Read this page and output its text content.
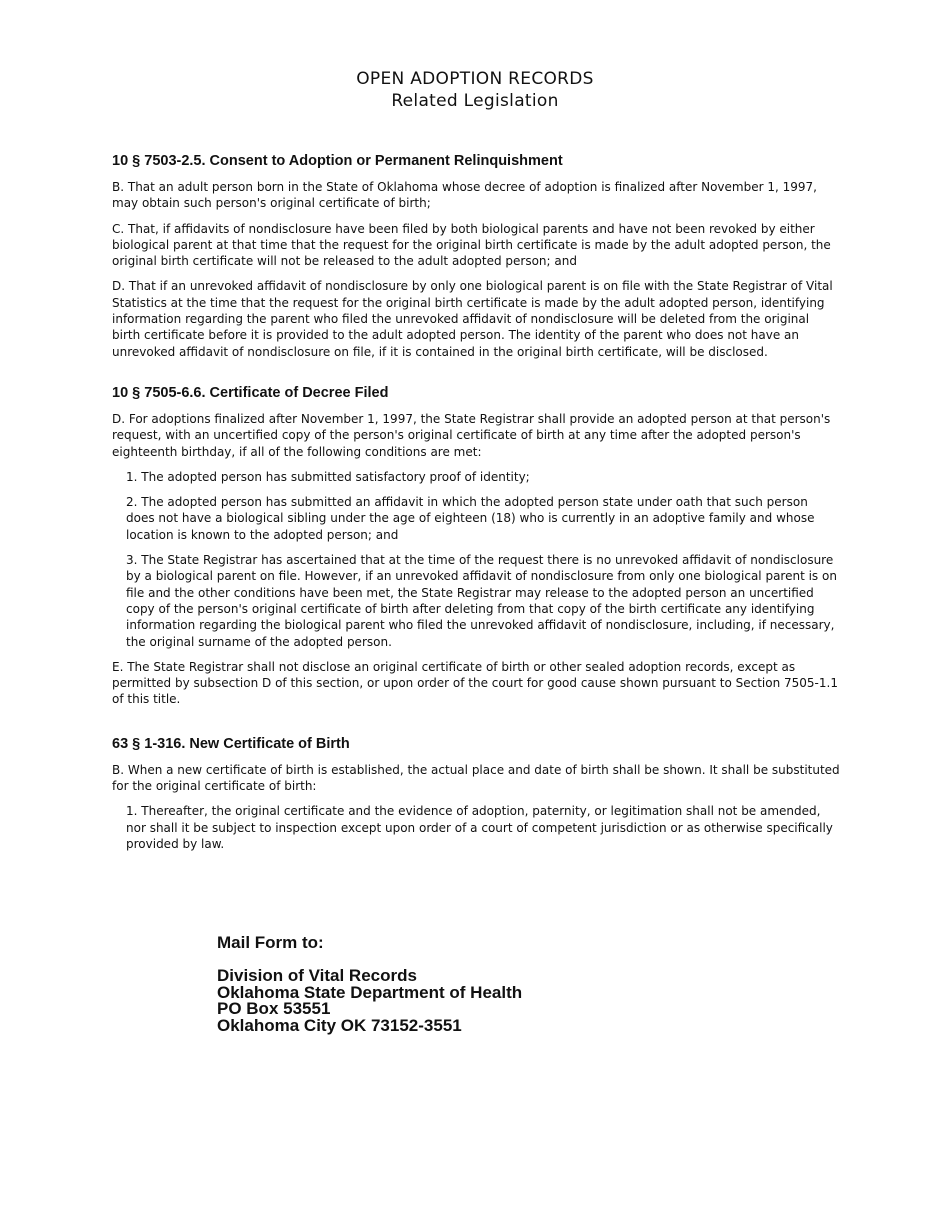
OPEN ADOPTION RECORDS
Related Legislation
10 § 7503-2.5. Consent to Adoption or Permanent Relinquishment

B. That an adult person born in the State of Oklahoma whose decree of adoption is finalized after November 1, 1997, may obtain such person's original certificate of birth;

C. That, if affidavits of nondisclosure have been filed by both biological parents and have not been revoked by either biological parent at that time that the request for the original birth certificate is made by the adult adopted person, the original birth certificate will not be released to the adult adopted person; and

D. That if an unrevoked affidavit of nondisclosure by only one biological parent is on file with the State Registrar of Vital Statistics at the time that the request for the original birth certificate is made by the adult adopted person, identifying information regarding the parent who filed the unrevoked affidavit of nondisclosure will be deleted from the original birth certificate before it is provided to the adult adopted person. The identity of the parent who does not have an unrevoked affidavit of nondisclosure on file, if it is contained in the original birth certificate, will be disclosed.

10 § 7505-6.6. Certificate of Decree Filed

D. For adoptions finalized after November 1, 1997, the State Registrar shall provide an adopted person at that person's request, with an uncertified copy of the person's original certificate of birth at any time after the adopted person's eighteenth birthday, if all of the following conditions are met:

1. The adopted person has submitted satisfactory proof of identity;

2. The adopted person has submitted an affidavit in which the adopted person state under oath that such person does not have a biological sibling under the age of eighteen (18) who is currently in an adoptive family and whose location is known to the adopted person; and

3. The State Registrar has ascertained that at the time of the request there is no unrevoked affidavit of nondisclosure by a biological parent on file. However, if an unrevoked affidavit of nondisclosure from only one biological parent is on file and the other conditions have been met, the State Registrar may release to the adopted person an uncertified copy of the person's original certificate of birth after deleting from that copy of the birth certificate any identifying information regarding the biological parent who filed the unrevoked affidavit of nondisclosure, including, if necessary, the original surname of the adopted person.

E. The State Registrar shall not disclose an original certificate of birth or other sealed adoption records, except as permitted by subsection D of this section, or upon order of the court for good cause shown pursuant to Section 7505-1.1 of this title.

63 § 1-316. New Certificate of Birth

B. When a new certificate of birth is established, the actual place and date of birth shall be shown. It shall be substituted for the original certificate of birth:

1. Thereafter, the original certificate and the evidence of adoption, paternity, or legitimation shall not be amended, nor shall it be subject to inspection except upon order of a court of competent jurisdiction or as otherwise specifically provided by law.

Mail Form to:
Division of Vital Records
Oklahoma State Department of Health
PO Box 53551
Oklahoma City OK 73152-3551
